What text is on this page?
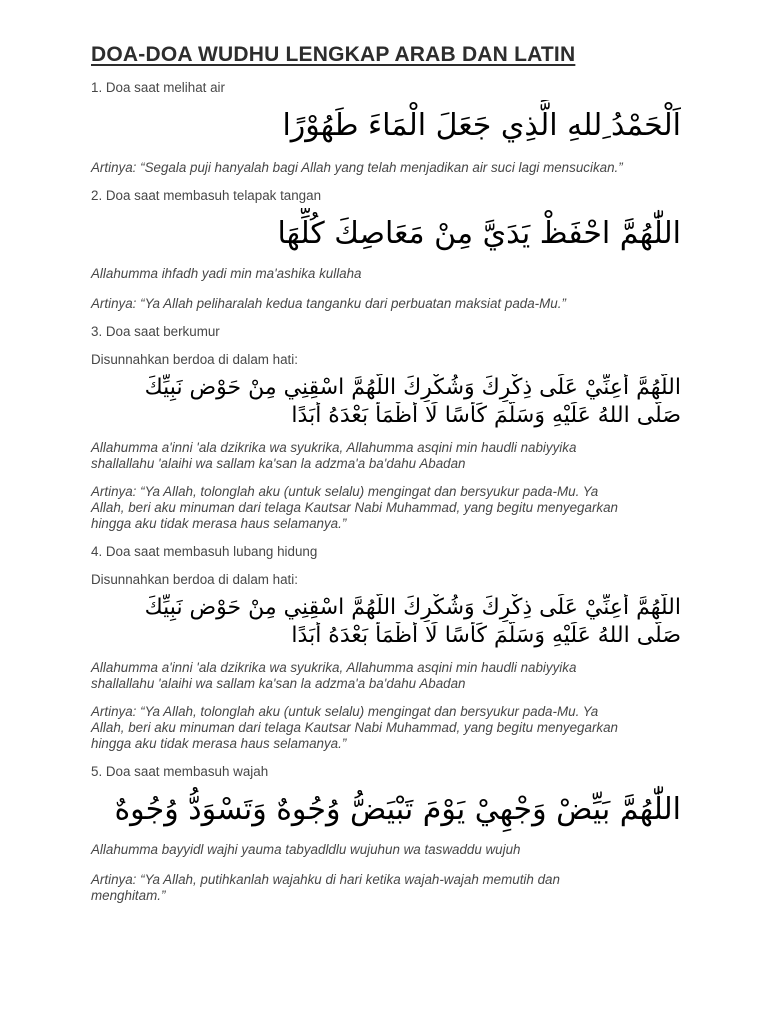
DOA-DOA WUDHU LENGKAP ARAB DAN LATIN

1. Doa saat melihat air

اَلْحَمْدُ ِللهِ الَّذِي جَعَلَ الْمَاءَ طَهُوْرًا

Artinya: “Segala puji hanyalah bagi Allah yang telah menjadikan air suci lagi mensucikan.”

2. Doa saat membasuh telapak tangan

اللّٰهُمَّ احْفَظْ يَدَيَّ مِنْ مَعَاصِكَ كُلِّهَا

Allahumma ihfadh yadi min ma'ashika kullaha

Artinya: “Ya Allah peliharalah kedua tanganku dari perbuatan maksiat pada-Mu.”

3. Doa saat berkumur

Disunnahkan berdoa di dalam hati:

اللَّهُمَّ أَعِنِّيْ عَلَى ذِكْرِكَ وَشُكْرِكَ اللَّهُمَّ اسْقِنِي مِنْ حَوْضِ نَبِيِّكَ

صَلَّى اللهُ عَلَيْهِ وَسَلَّمَ كَأْسًا لَا أَظْمَأُ بَعْدَهُ أَبَدًا

Allahumma a'inni 'ala dzikrika wa syukrika, Allahumma asqini min haudli nabiyyika

shallallahu 'alaihi wa sallam ka'san la adzma'a ba'dahu Abadan

Artinya: “Ya Allah, tolonglah aku (untuk selalu) mengingat dan bersyukur pada-Mu. Ya

Allah, beri aku minuman dari telaga Kautsar Nabi Muhammad, yang begitu menyegarkan

hingga aku tidak merasa haus selamanya.”

4. Doa saat membasuh lubang hidung

Disunnahkan berdoa di dalam hati:

اللَّهُمَّ أَعِنِّيْ عَلَى ذِكْرِكَ وَشُكْرِكَ اللَّهُمَّ اسْقِنِي مِنْ حَوْضِ نَبِيِّكَ

صَلَّى اللهُ عَلَيْهِ وَسَلَّمَ كَأْسًا لَا أَظْمَأُ بَعْدَهُ أَبَدًا

Allahumma a'inni 'ala dzikrika wa syukrika, Allahumma asqini min haudli nabiyyika

shallallahu 'alaihi wa sallam ka'san la adzma'a ba'dahu Abadan

Artinya: “Ya Allah, tolonglah aku (untuk selalu) mengingat dan bersyukur pada-Mu. Ya

Allah, beri aku minuman dari telaga Kautsar Nabi Muhammad, yang begitu menyegarkan

hingga aku tidak merasa haus selamanya.”

5. Doa saat membasuh wajah

اللّٰهُمَّ بَيِّضْ وَجْهِيْ يَوْمَ تَبْيَضُّ وُجُوهٌ وَتَسْوَدُّ وُجُوهٌ

Allahumma bayyidl wajhi yauma tabyadldlu wujuhun wa taswaddu wujuh

Artinya: “Ya Allah, putihkanlah wajahku di hari ketika wajah-wajah memutih dan

menghitam.”
